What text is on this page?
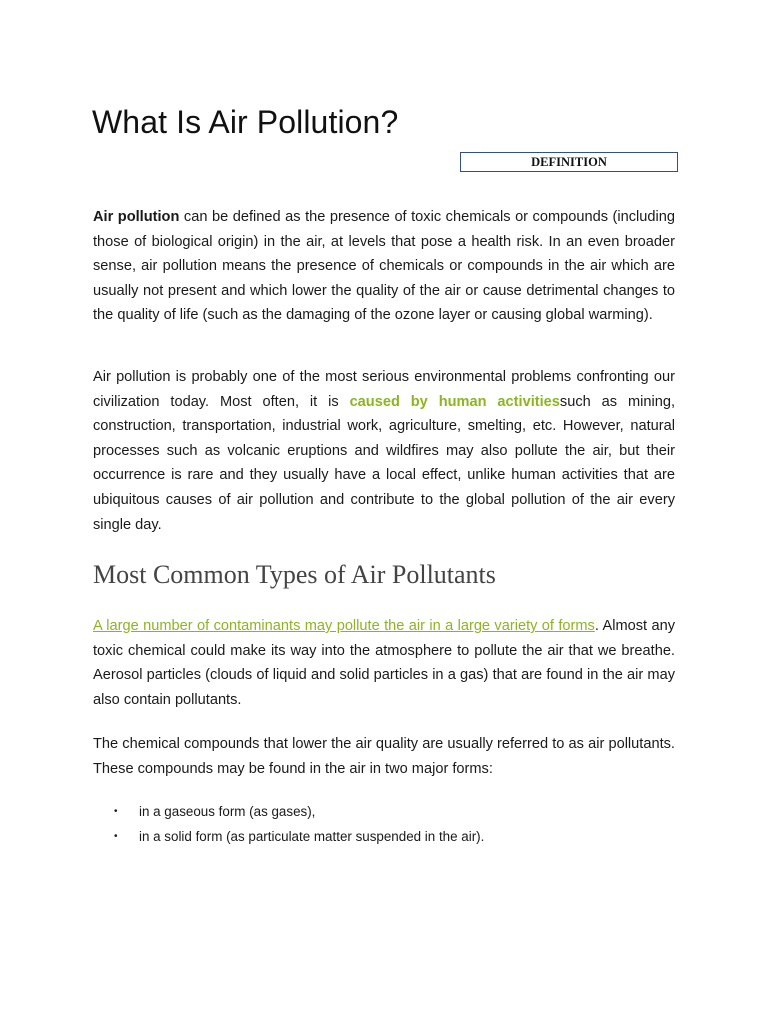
What Is Air Pollution?
DEFINITION

Air pollution can be defined as the presence of toxic chemicals or compounds (including those of biological origin) in the air, at levels that pose a health risk. In an even broader sense, air pollution means the presence of chemicals or compounds in the air which are usually not present and which lower the quality of the air or cause detrimental changes to the quality of life (such as the damaging of the ozone layer or causing global warming).

Air pollution is probably one of the most serious environmental problems confronting our civilization today. Most often, it is caused by human activitiessuch as mining, construction, transportation, industrial work, agriculture, smelting, etc. However, natural processes such as volcanic eruptions and wildfires may also pollute the air, but their occurrence is rare and they usually have a local effect, unlike human activities that are ubiquitous causes of air pollution and contribute to the global pollution of the air every single day.

Most Common Types of Air Pollutants

A large number of contaminants may pollute the air in a large variety of forms. Almost any toxic chemical could make its way into the atmosphere to pollute the air that we breathe. Aerosol particles (clouds of liquid and solid particles in a gas) that are found in the air may also contain pollutants.

The chemical compounds that lower the air quality are usually referred to as air pollutants. These compounds may be found in the air in two major forms:

• in a gaseous form (as gases),
• in a solid form (as particulate matter suspended in the air).
